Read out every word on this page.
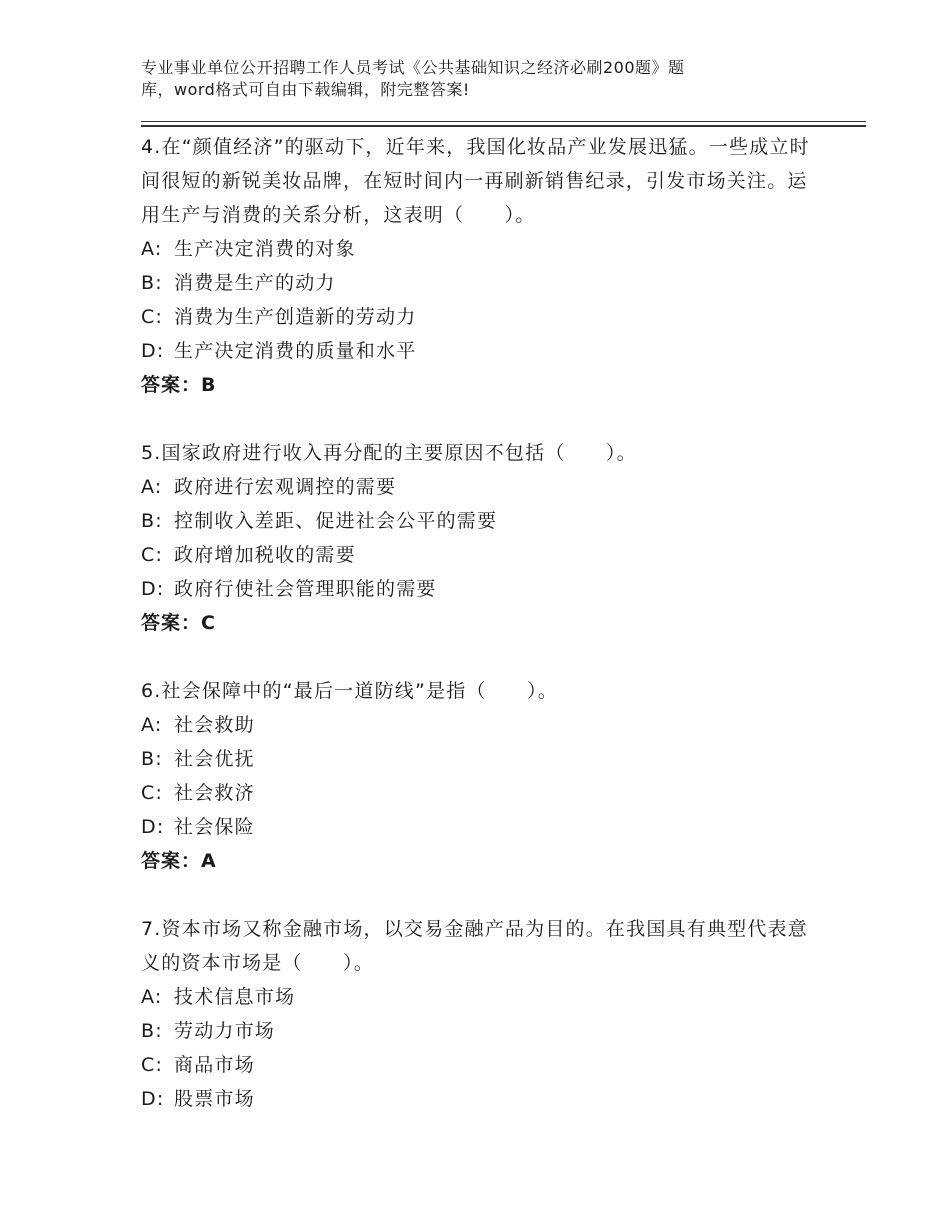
专业事业单位公开招聘工作人员考试《公共基础知识之经济必刷200题》题
库，word格式可自由下载编辑，附完整答案!

4.在“颜值经济”的驱动下，近年来，我国化妆品产业发展迅猛。一些成立时间很短的新锐美妆品牌，在短时间内一再刷新销售纪录，引发市场关注。运用生产与消费的关系分析，这表明（　　）。

A: 生产决定消费的对象

B: 消费是生产的动力

C: 消费为生产创造新的劳动力

D: 生产决定消费的质量和水平

答案：B

5.国家政府进行收入再分配的主要原因不包括（　　）。

A: 政府进行宏观调控的需要

B: 控制收入差距、促进社会公平的需要

C: 政府增加税收的需要

D: 政府行使社会管理职能的需要

答案：C

6.社会保障中的“最后一道防线”是指（　　）。

A: 社会救助

B: 社会优抚

C: 社会救济

D: 社会保险

答案：A

7.资本市场又称金融市场，以交易金融产品为目的。在我国具有典型代表意义的资本市场是（　　）。

A: 技术信息市场

B: 劳动力市场

C: 商品市场

D: 股票市场
